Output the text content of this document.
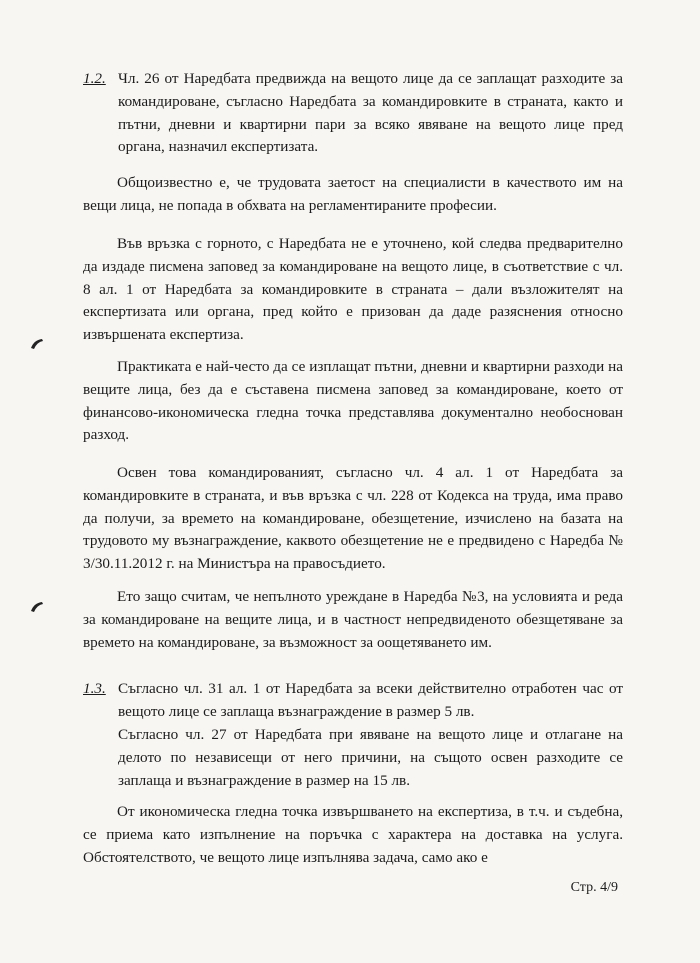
1.2. Чл. 26 от Наредбата предвижда на вещото лице да се заплащат разходите за командироване, съгласно Наредбата за командировките в страната, както и пътни, дневни и квартирни пари за всяко явяване на вещото лице пред органа, назначил експертизата.

Общоизвестно е, че трудовата заетост на специалисти в качеството им на вещи лица, не попада в обхвата на регламентираните професии.

Във връзка с горното, с Наредбата не е уточнено, кой следва предварително да издаде писмена заповед за командироване на вещото лице, в съответствие с чл. 8 ал. 1 от Наредбата за командировките в страната – дали възложителят на експертизата или органа, пред който е призован да даде разяснения относно извършената експертиза.

Практиката е най-често да се изплащат пътни, дневни и квартирни разходи на вещите лица, без да е съставена писмена заповед за командироване, което от финансово-икономическа гледна точка представлява документално необоснован разход.

Освен това командированият, съгласно чл. 4 ал. 1 от Наредбата за командировките в страната, и във връзка с чл. 228 от Кодекса на труда, има право да получи, за времето на командироване, обезщетение, изчислено на базата на трудовото му възнаграждение, каквото обезщетение не е предвидено с Наредба № 3/30.11.2012 г. на Министъра на правосъдието.

Ето защо считам, че непълното уреждане в Наредба №3, на условията и реда за командироване на вещите лица, и в частност непредвиденото обезщетяване за времето на командироване, за възможност за оощетяването им.

1.3. Съгласно чл. 31 ал. 1 от Наредбата за всеки действително отработен час от вещото лице се заплаща възнаграждение в размер 5 лв.

Съгласно чл. 27 от Наредбата при явяване на вещото лице и отлагане на делото по независещи от него причини, на същото освен разходите се заплаща и възнаграждение в размер на 15 лв.

От икономическа гледна точка извършването на експертиза, в т.ч. и съдебна, се приема като изпълнение на поръчка с характера на доставка на услуга. Обстоятелството, че вещото лице изпълнява задача, само ако е

Стр. 4/9
